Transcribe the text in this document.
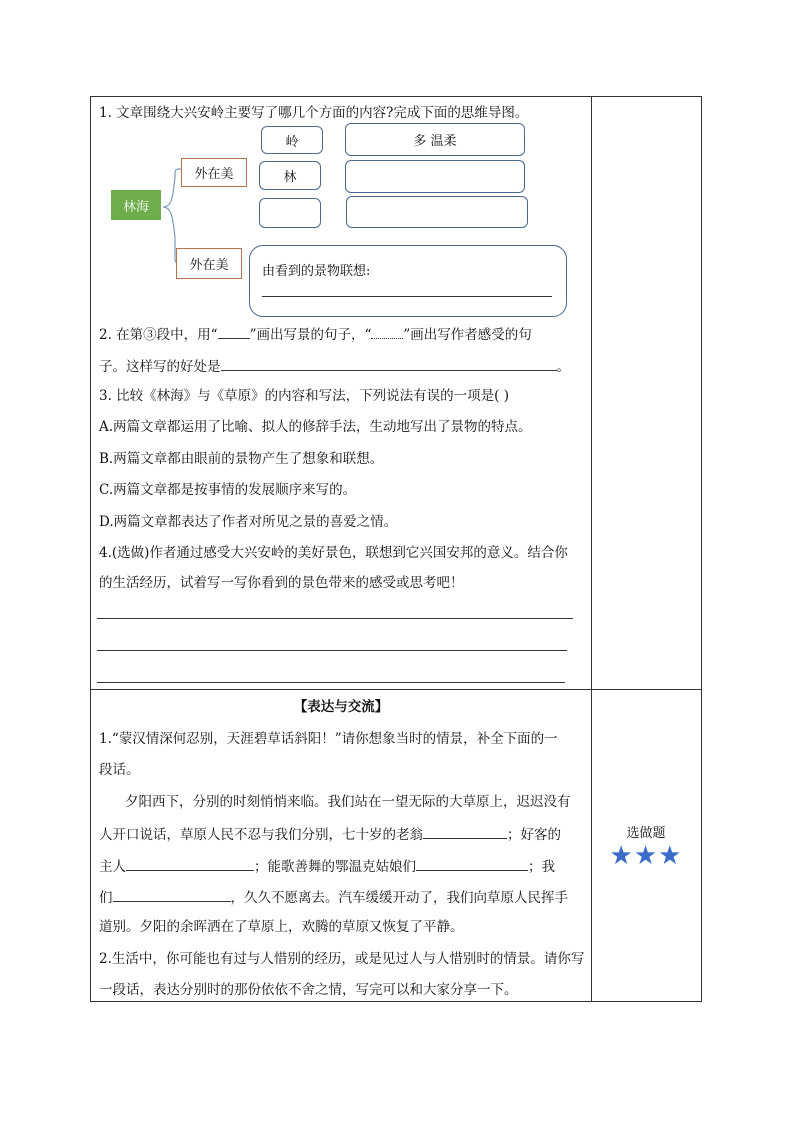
1. 文章围绕大兴安岭主要写了哪几个方面的内容?完成下面的思维导图。
林海
外在美
外在美
岭
林
多 温柔
由看到的景物联想:
2. 在第③段中，用“ ”画出写景的句子，“ ”画出写作者感受的句
子。这样写的好处是	。
3. 比较《林海》与《草原》的内容和写法，下列说法有误的一项是( )
A.两篇文章都运用了比喻、拟人的修辞手法，生动地写出了景物的特点。
B.两篇文章都由眼前的景物产生了想象和联想。
C.两篇文章都是按事情的发展顺序来写的。
D.两篇文章都表达了作者对所见之景的喜爱之情。
4.(选做)作者通过感受大兴安岭的美好景色，联想到它兴国安邦的意义。结合你
的生活经历，试着写一写你看到的景色带来的感受或思考吧！
【表达与交流】
1.“蒙汉情深何忍别，天涯碧草话斜阳！”请你想象当时的情景，补全下面的一
段话。
夕阳西下，分别的时刻悄悄来临。我们站在一望无际的大草原上，迟迟没有
人开口说话，草原人民不忍与我们分别，七十岁的老翁	；好客的
主人	；能歌善舞的鄂温克姑娘们	；我
们	，久久不愿离去。汽车缓缓开动了，我们向草原人民挥手
道别。夕阳的余晖洒在了草原上，欢腾的草原又恢复了平静。
2.生活中，你可能也有过与人惜别的经历，或是见过人与人惜别时的情景。请你写
一段话，表达分别时的那份依依不舍之情，写完可以和大家分享一下。
选做题
★★★
